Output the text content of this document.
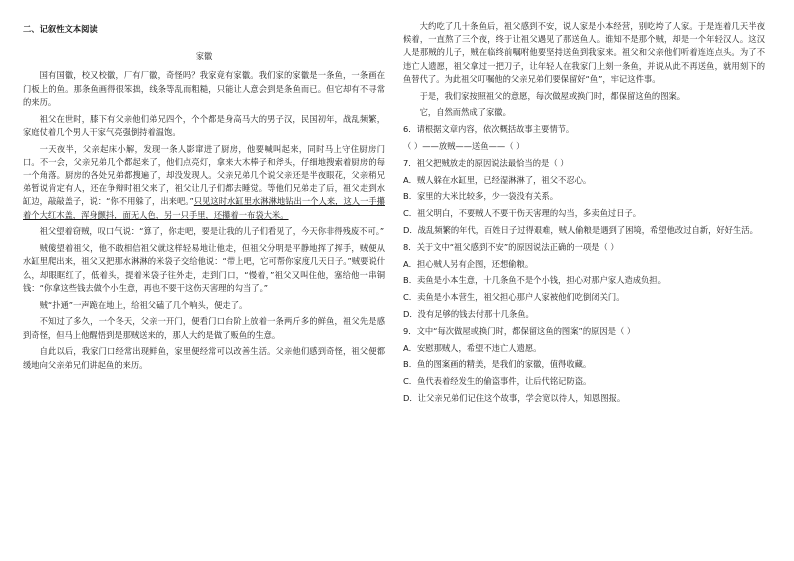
二、记叙性文本阅读
家徽

国有国徽，校又校徽，厂有厂徽，奇怪吗？我家竟有家徽。我们家的家徽是一条鱼，一条画在门板上的鱼。那条鱼画得很笨拙，线条等乱而粗糙，只能让人意会到是条鱼而已。但它却有不寻常的来历。

祖父在世时，膝下有父亲他们弟兄四个，个个都是身高马大的男子汉，民国初年，战乱频繁，家庭仗着几个男人干家气亮强倒持着温饱。

一天夜半，父亲起床小解，发现一条人影窜进了厨房，他要喊叫起来，同时马上守住厨房门口。不一会，父亲兄弟几个都起来了，他们点亮灯，拿来大木棒子和斧头，仔细地搜索着厨房的每一个角落。厨房的各处兄弟都搜遍了，却没发现人。父亲兄弟几个说父亲还是半夜眼花，父亲稍兄弟暂说肯定有人，还在争辩时祖父来了，祖父让几子们都去睡觉。等他们兄弟走了后，祖父走到水缸边，敲敲盖子，说：“你不用躲了，出来吧。”只见这时水缸里水淋淋地钻出一个人来，这人一手攥着个大红木盖，浑身颤抖，面无人色，另一只手里，还攥着一布袋大米。

祖父望着窃贼，叹口气说：“算了，你走吧，要是让我的儿子们看见了，今天你非得残废不可。”

贼傻望着祖父，他不敢相信祖父就这样轻易地让他走，但祖父分明是平静地挥了挥手，贼便从水缸里爬出来，祖父又把那水淋淋的米袋子交给他说：“带上吧，它可帮你家度几天日子。”贼要说什么，却眼眶红了，低着头，提着米袋子往外走，走到门口，“慢着，”祖父又叫住他，塞给他一串铜钱：“你拿这些钱去做个小生意，再也不要干这伤天害理的勾当了。”

贼“扑通”一声跪在地上，给祖父磕了几个响头，便走了。

不知过了多久，一个冬天，父亲一开门，便看门口台阶上放着一条两斤多的鲜鱼，祖父先是感到奇怪，但马上他醒悟到是那贼送来的，那人大约是做了贩鱼的生意。

自此以后，我家门口经常出现鲜鱼，家里便经常可以改善生活。父亲他们感到奇怪，祖父便都缓地向父亲弟兄们讲起鱼的来历。

大约吃了几十条鱼后，祖父感到不安，说人家是小本经营，别吃垮了人家。于是连着几天半夜候着，一直熬了三个夜，终于让祖父遇见了那送鱼人。谁知不是那个贼，却是一个年轻汉人。这汉人是那贼的儿子，贼在临终前嘱咐他要坚持送鱼到我家来。祖父和父亲他们听着连连点头。为了不违亡人遗愿，祖父拿过一把刀子，让年轻人在我家门上刻一条鱼，并说从此不再送鱼，就用刻下的鱼替代了。为此祖父叮嘱他的父亲兄弟们要保留好“鱼”，牢记这件事。

于是，我们家按照祖父的意愿，每次做屋或换门时，都保留这鱼的图案。

它，自然而然成了家徽。

6．请根据文章内容，依次概括故事主要情节。
（ ）——放贼——送鱼——（ ）
7．祖父把贼放走的原因说法最恰当的是（ ）
A．贼人躲在水缸里，已经湿淋淋了，祖父不忍心。
B．家里的大米比较多，少一袋没有关系。
C．祖父明白，不要贼人不要干伤天害理的勾当，多卖鱼过日子。
D．战乱频繁的年代，百姓日子过得艰难，贼人偷粮是遇到了困境，希望他改过自新，好好生活。
8．关于文中“祖父感到不安”的原因说法正确的一项是（ ）
A．担心贼人另有企图，还想偷粮。
B．卖鱼是小本生意，十几条鱼不是个小钱，担心对那户家人造成负担。
C．卖鱼是小本营生，祖父担心那户人家被他们吃倒闭关门。
D．没有足够的钱去付那十几条鱼。
9．文中“每次做屋或换门时，都保留这鱼的图案”的原因是（ ）
A．安慰那贼人，希望不违亡人遗愿。
B．鱼的图案画的精美，是我们的家徽，值得收藏。
C．鱼代表着经发生的偷盗事件，让后代铭记防盗。
D．让父亲兄弟们记住这个故事，学会宽以待人，知恩图报。
